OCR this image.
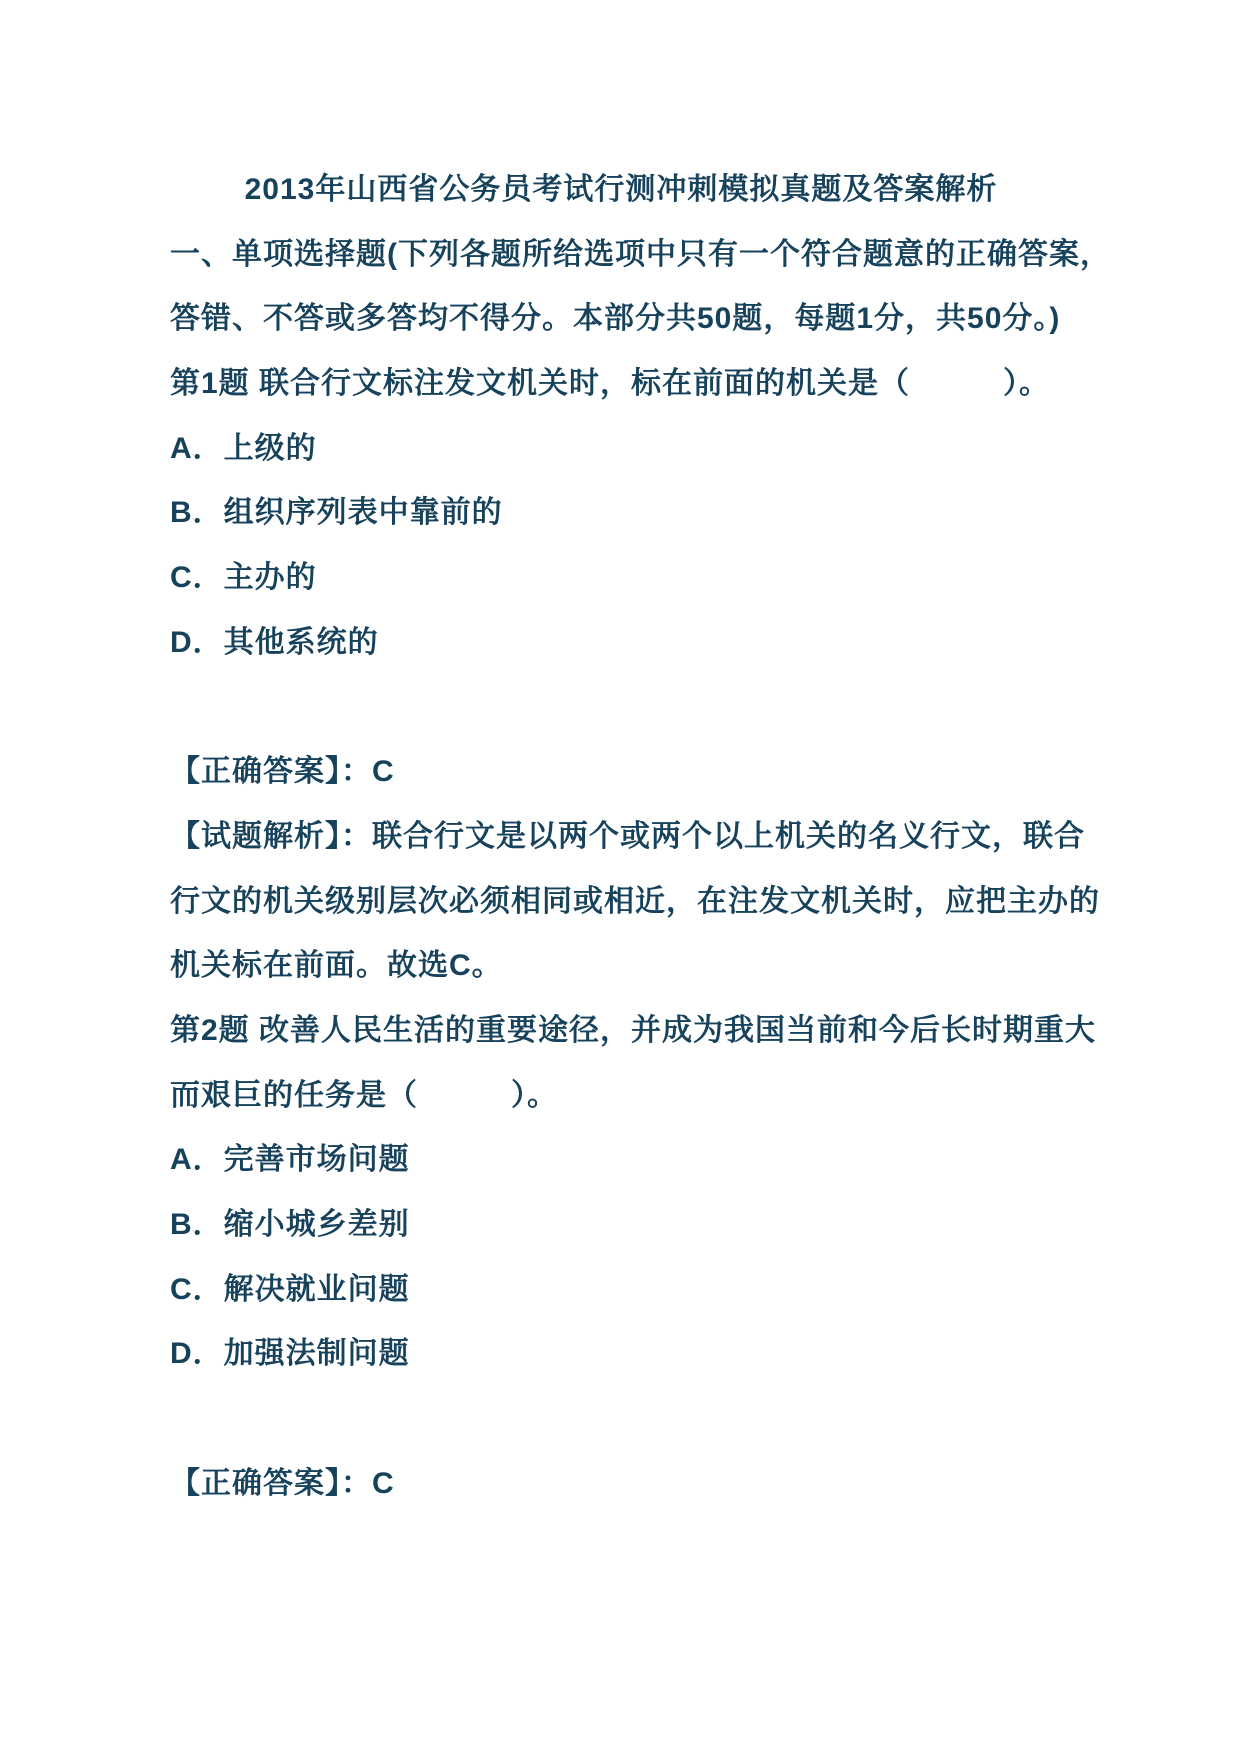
2013年山西省公务员考试行测冲刺模拟真题及答案解析
一、单项选择题(下列各题所给选项中只有一个符合题意的正确答案，
答错、不答或多答均不得分。本部分共50题，每题1分，共50分。)
第1题 联合行文标注发文机关时，标在前面的机关是（　　　）。
A．上级的
B．组织序列表中靠前的
C．主办的
D．其他系统的
【正确答案】：C
【试题解析】：联合行文是以两个或两个以上机关的名义行文，联合
行文的机关级别层次必须相同或相近，在注发文机关时，应把主办的
机关标在前面。故选C。
第2题 改善人民生活的重要途径，并成为我国当前和今后长时期重大
而艰巨的任务是（　　　）。
A．完善市场问题
B．缩小城乡差别
C．解决就业问题
D．加强法制问题
【正确答案】：C
